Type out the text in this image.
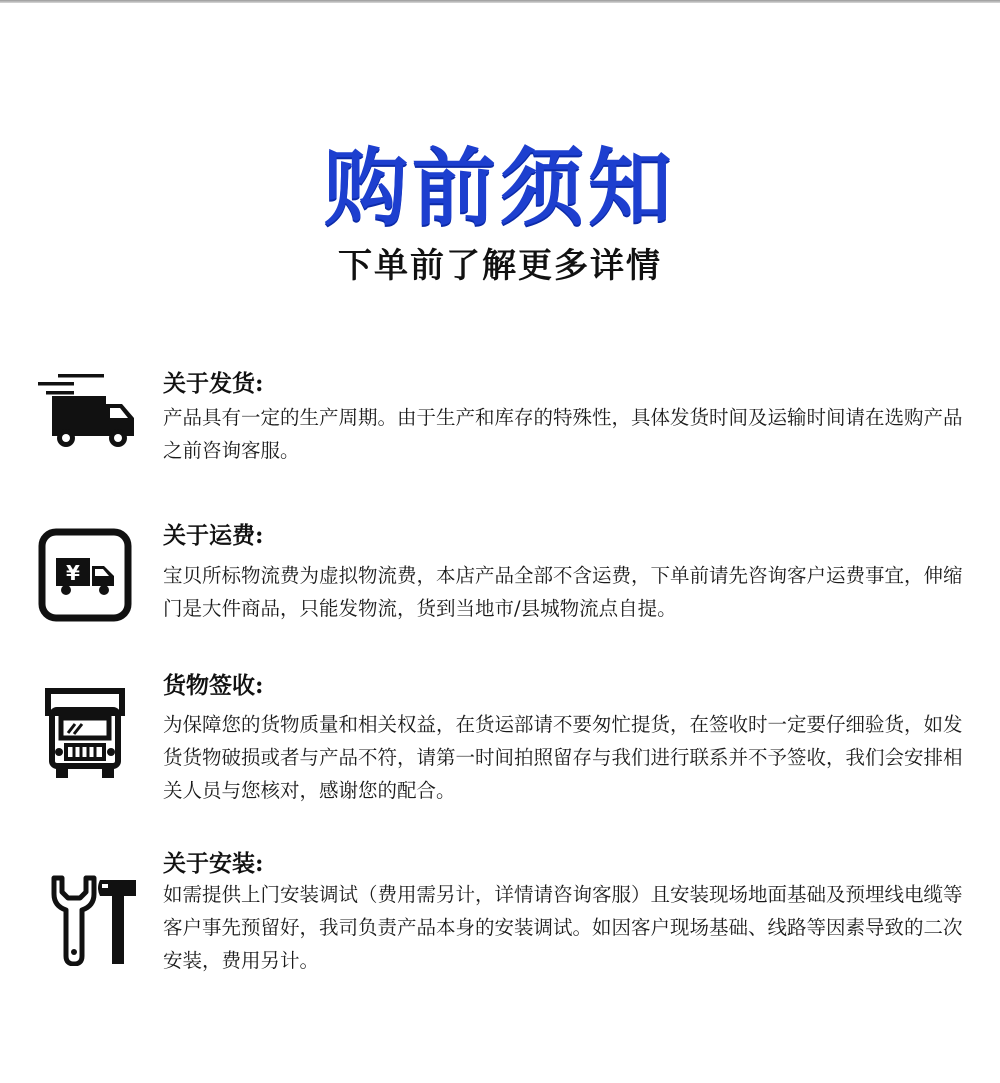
购前须知
下单前了解更多详情
关于发货:
产品具有一定的生产周期。由于生产和库存的特殊性，具体发货时间及运输时间请在选购产品之前咨询客服。
¥
关于运费:
宝贝所标物流费为虚拟物流费，本店产品全部不含运费，下单前请先咨询客户运费事宜，伸缩门是大件商品，只能发物流，货到当地市/县城物流点自提。
货物签收:
为保障您的货物质量和相关权益，在货运部请不要匆忙提货，在签收时一定要仔细验货，如发货货物破损或者与产品不符，请第一时间拍照留存与我们进行联系并不予签收，我们会安排相关人员与您核对，感谢您的配合。
关于安装:
如需提供上门安装调试（费用需另计，详情请咨询客服）且安装现场地面基础及预埋线电缆等客户事先预留好，我司负责产品本身的安装调试。如因客户现场基础、线路等因素导致的二次安装，费用另计。
